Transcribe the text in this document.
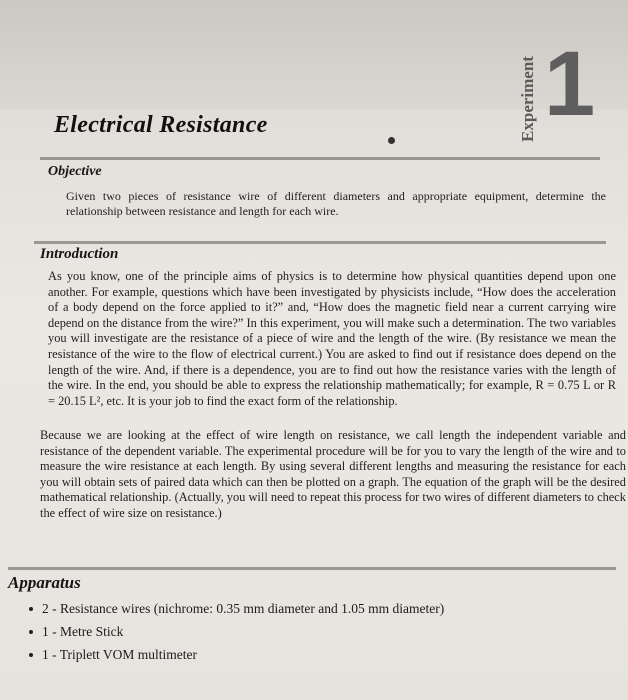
Electrical Resistance	Experiment 1
Objective

Given two pieces of resistance wire of different diameters and appropriate equipment, determine the relationship between resistance and length for each wire.

Introduction

As you know, one of the principle aims of physics is to determine how physical quantities depend upon one another. For example, questions which have been investigated by physicists include, “How does the acceleration of a body depend on the force applied to it?” and, “How does the magnetic field near a current carrying wire depend on the distance from the wire?” In this experiment, you will make such a determination. The two variables you will investigate are the resistance of a piece of wire and the length of the wire. (By resistance we mean the resistance of the wire to the flow of electrical current.) You are asked to find out if resistance does depend on the length of the wire. And, if there is a dependence, you are to find out how the resistance varies with the length of the wire. In the end, you should be able to express the relationship mathematically; for example, R = 0.75 L or R = 20.15 L², etc. It is your job to find the exact form of the relationship.

Because we are looking at the effect of wire length on resistance, we call length the independent variable and resistance of the dependent variable. The experimental procedure will be for you to vary the length of the wire and to measure the wire resistance at each length. By using several different lengths and measuring the resistance for each you will obtain sets of paired data which can then be plotted on a graph. The equation of the graph will be the desired mathematical relationship. (Actually, you will need to repeat this process for two wires of different diameters to check the effect of wire size on resistance.)

Apparatus
2 - Resistance wires (nichrome: 0.35 mm diameter and 1.05 mm diameter)
1 - Metre Stick
1 - Triplett VOM multimeter
